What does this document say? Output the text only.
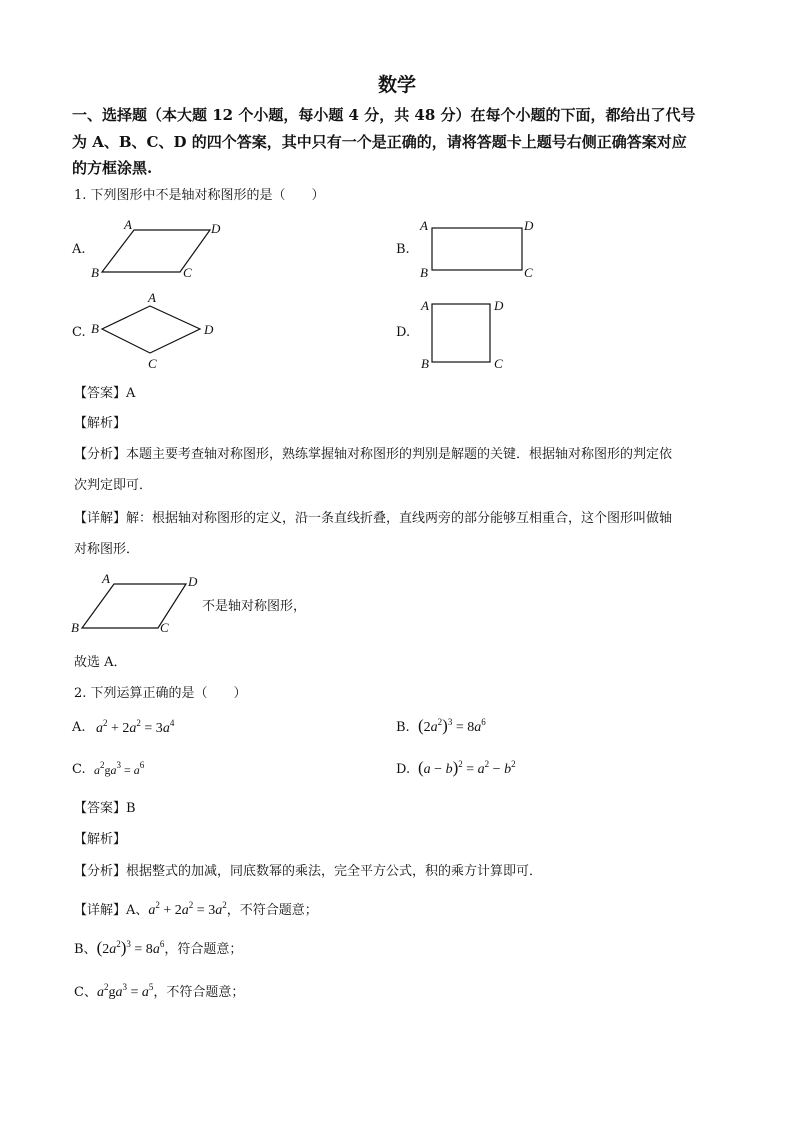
数学
一、选择题（本大题 12 个小题，每小题 4 分，共 48 分）在每个小题的下面，都给出了代号
为 A、B、C、D 的四个答案，其中只有一个是正确的，请将答题卡上题号右侧正确答案对应
的方框涂黑.
1. 下列图形中不是轴对称图形的是（　　）
A.	B.
C.	D.
A	D
B	C
A	D
B	C
A
B	D
C
A	D
B	C
【答案】A
【解析】
【分析】本题主要考查轴对称图形，熟练掌握轴对称图形的判别是解题的关键．根据轴对称图形的判定依
次判定即可．
【详解】解：根据轴对称图形的定义，沿一条直线折叠，直线两旁的部分能够互相重合，这个图形叫做轴
对称图形．
A	D
B	C
不是轴对称图形，
故选 A．
2. 下列运算正确的是（　　）
A. $a^2 + 2a^2 = 3a^4$	B. $(2a^2)^3 = 8a^6$
C. $a^2ga^3 = a^6$	D. $(a - b)^2 = a^2 - b^2$
【答案】B
【解析】
【分析】根据整式的加减，同底数幂的乘法，完全平方公式，积的乘方计算即可．
【详解】A、$a^2 + 2a^2 = 3a^2$，不符合题意；
B、$(2a^2)^3 = 8a^6$，符合题意；
C、$a^2ga^3 = a^5$，不符合题意；
